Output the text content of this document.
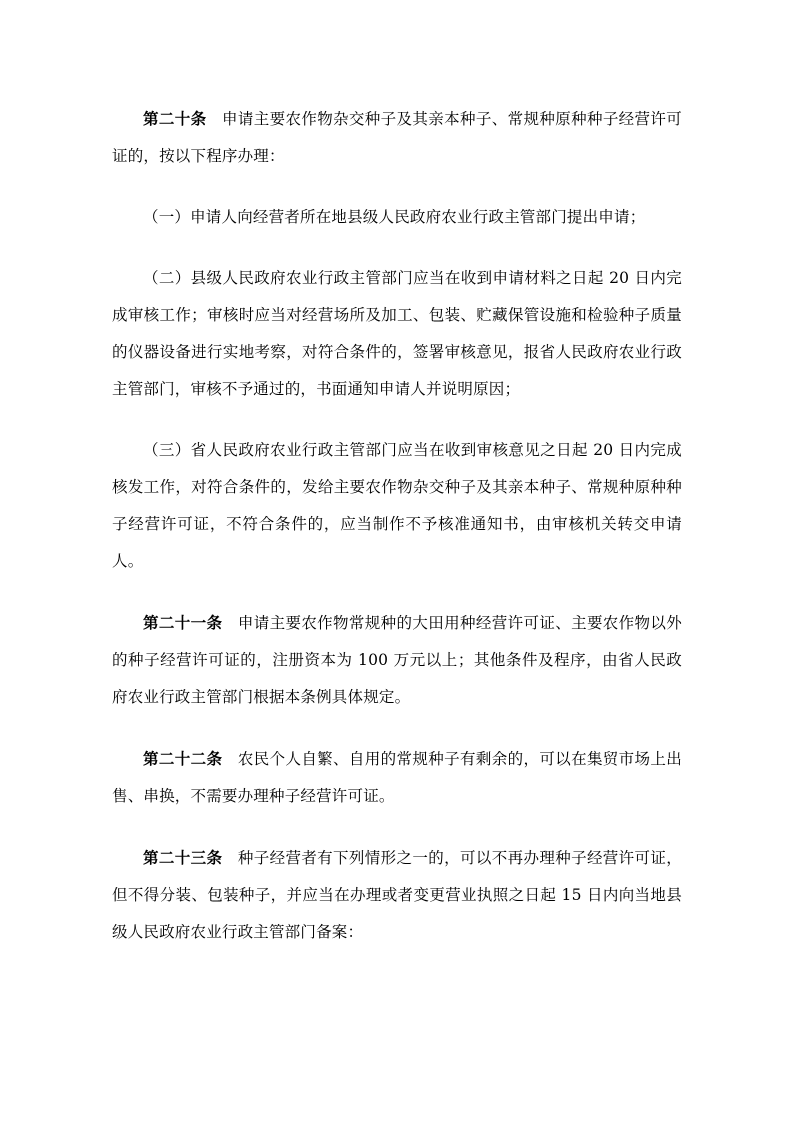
第二十条 申请主要农作物杂交种子及其亲本种子、常规种原种种子经营许可证的，按以下程序办理：

（一）申请人向经营者所在地县级人民政府农业行政主管部门提出申请；

（二）县级人民政府农业行政主管部门应当在收到申请材料之日起 20 日内完成审核工作；审核时应当对经营场所及加工、包装、贮藏保管设施和检验种子质量的仪器设备进行实地考察，对符合条件的，签署审核意见，报省人民政府农业行政主管部门，审核不予通过的，书面通知申请人并说明原因；

（三）省人民政府农业行政主管部门应当在收到审核意见之日起 20 日内完成核发工作，对符合条件的，发给主要农作物杂交种子及其亲本种子、常规种原种种子经营许可证，不符合条件的，应当制作不予核准通知书，由审核机关转交申请人。

第二十一条 申请主要农作物常规种的大田用种经营许可证、主要农作物以外的种子经营许可证的，注册资本为 100 万元以上；其他条件及程序，由省人民政府农业行政主管部门根据本条例具体规定。

第二十二条 农民个人自繁、自用的常规种子有剩余的，可以在集贸市场上出售、串换，不需要办理种子经营许可证。

第二十三条 种子经营者有下列情形之一的，可以不再办理种子经营许可证，但不得分装、包装种子，并应当在办理或者变更营业执照之日起 15 日内向当地县级人民政府农业行政主管部门备案：
